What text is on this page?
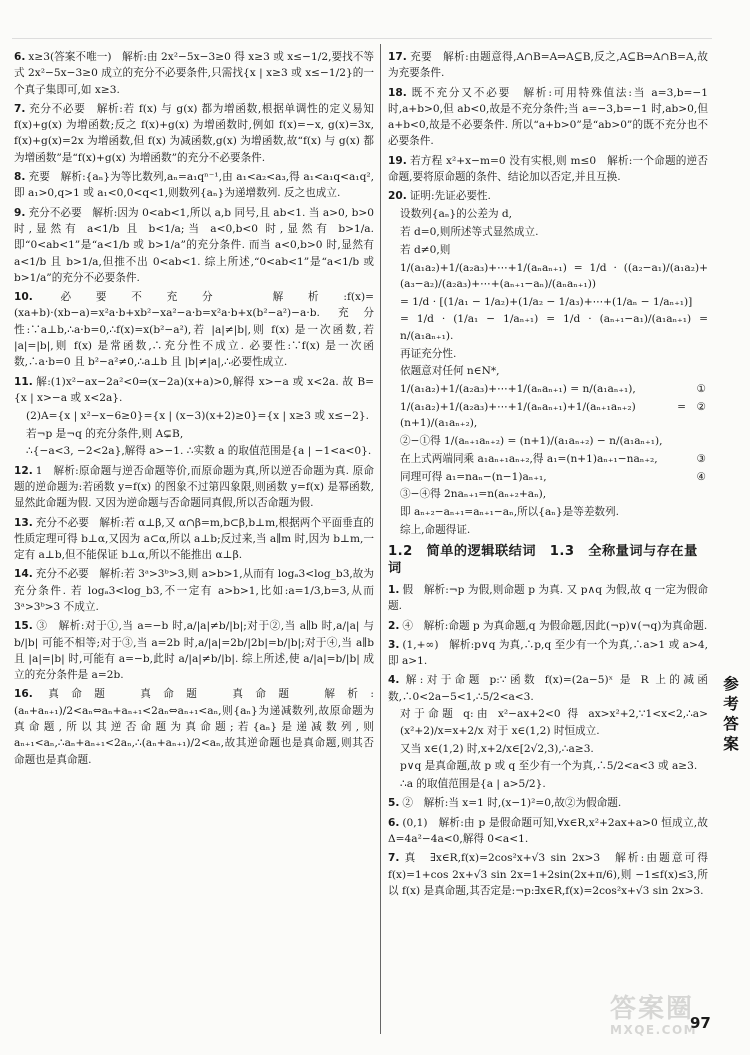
6. x≥3(答案不唯一)　解析:由 2x²−5x−3≥0 得 x≥3 或 x≤−1/2,要找不等式 2x²−5x−3≥0 成立的充分不必要条件,只需找{x | x≥3 或 x≤−1/2}的一个真子集即可,如 x≥3.
7. 充分不必要　解析:若 f(x) 与 g(x) 都为增函数,根据单调性的定义易知 f(x)+g(x) 为增函数;反之 f(x)+g(x) 为增函数时,例如 f(x)=−x, g(x)=3x, f(x)+g(x)=2x 为增函数,但 f(x) 为减函数,g(x) 为增函数,故“f(x) 与 g(x) 都为增函数”是“f(x)+g(x) 为增函数”的充分不必要条件.
8. 充要　解析:{aₙ}为等比数列,aₙ=a₁qⁿ⁻¹,由 a₁<a₂<a₃,得 a₁<a₁q<a₁q²,即 a₁>0,q>1 或 a₁<0,0<q<1,则数列{aₙ}为递增数列. 反之也成立.
9. 充分不必要　解析:因为 0<ab<1,所以 a,b 同号,且 ab<1. 当 a>0, b>0 时,显然有 a<1/b 且 b<1/a;当 a<0,b<0 时,显然有 b>1/a. 即“0<ab<1”是“a<1/b 或 b>1/a”的充分条件. 而当 a<0,b>0 时,显然有 a<1/b 且 b>1/a,但推不出 0<ab<1. 综上所述,“0<ab<1”是“a<1/b 或 b>1/a”的充分不必要条件.
10. 必要不充分　解析:f(x)=(xa+b)·(xb−a)=x²a·b+xb²−xa²−a·b=x²a·b+x(b²−a²)−a·b. 充分性:∵a⊥b,∴a·b=0,∴f(x)=x(b²−a²),若 |a|≠|b|,则 f(x) 是一次函数,若 |a|=|b|,则 f(x) 是常函数,∴充分性不成立. 必要性:∵f(x) 是一次函数,∴a·b=0 且 b²−a²≠0,∴a⊥b 且 |b|≠|a|,∴必要性成立.
11. 解:(1)x²−ax−2a²<0⇒(x−2a)(x+a)>0,解得 x>−a 或 x<2a. 故 B={x | x>−a 或 x<2a}.
(2)A={x | x²−x−6≥0}={x | (x−3)(x+2)≥0}={x | x≥3 或 x≤−2}.
若¬p 是¬q 的充分条件,则 A⊊B,
∴{−a<3, −2<2a},解得 a>−1. ∴实数 a 的取值范围是{a | −1<a<0}.
12. 1　解析:原命题与逆否命题等价,而原命题为真,所以逆否命题为真. 原命题的逆命题为:若函数 y=f(x) 的图象不过第四象限,则函数 y=f(x) 是幂函数,显然此命题为假. 又因为逆命题与否命题同真假,所以否命题为假.
13. 充分不必要　解析:若 α⊥β,又 α∩β=m,b⊂β,b⊥m,根据两个平面垂直的性质定理可得 b⊥α,又因为 a⊂α,所以 a⊥b;反过来,当 a∥m 时,因为 b⊥m,一定有 a⊥b,但不能保证 b⊥α,所以不能推出 α⊥β.
14. 充分不必要　解析:若 3ᵃ>3ᵇ>3,则 a>b>1,从而有 logₐ3<log_b3,故为充分条件. 若 logₐ3<log_b3,不一定有 a>b>1,比如:a=1/3,b=3,从而 3ᵃ>3ᵇ>3 不成立.
15. ③　解析:对于①,当 a=−b 时,a/|a|≠b/|b|;对于②,当 a∥b 时,a/|a| 与 b/|b| 可能不相等;对于③,当 a=2b 时,a/|a|=2b/|2b|=b/|b|;对于④,当 a∥b 且 |a|=|b| 时,可能有 a=−b,此时 a/|a|≠b/|b|. 综上所述,使 a/|a|=b/|b| 成立的充分条件是 a=2b.
16. 真命题　真命题　真命题　解析:(aₙ+aₙ₊₁)/2<aₙ⇔aₙ+aₙ₊₁<2aₙ⇔aₙ₊₁<aₙ,则{aₙ}为递减数列,故原命题为真命题,所以其逆否命题为真命题;若{aₙ}是递减数列,则 aₙ₊₁<aₙ,∴aₙ+aₙ₊₁<2aₙ,∴(aₙ+aₙ₊₁)/2<aₙ,故其逆命题也是真命题,则其否命题也是真命题.
17. 充要　解析:由题意得,A∩B=A⇒A⊆B,反之,A⊆B⇒A∩B=A,故为充要条件.
18. 既不充分又不必要　解析:可用特殊值法:当 a=3,b=−1 时,a+b>0,但 ab<0,故是不充分条件;当 a=−3,b=−1 时,ab>0,但 a+b<0,故是不必要条件. 所以“a+b>0”是“ab>0”的既不充分也不必要条件.
19. 若方程 x²+x−m=0 没有实根,则 m≤0　解析:一个命题的逆否命题,要将原命题的条件、结论加以否定,并且互换.
20. 证明:先证必要性.
设数列{aₙ}的公差为 d,
若 d=0,则所述等式显然成立.
若 d≠0,则
1/(a₁a₂)+1/(a₂a₃)+⋯+1/(aₙaₙ₊₁) = 1/d · ((a₂−a₁)/(a₁a₂)+(a₃−a₂)/(a₂a₃)+⋯+(aₙ₊₁−aₙ)/(aₙaₙ₊₁))
= 1/d · [(1/a₁ − 1/a₂)+(1/a₂ − 1/a₃)+⋯+(1/aₙ − 1/aₙ₊₁)]
= 1/d · (1/a₁ − 1/aₙ₊₁) = 1/d · (aₙ₊₁−a₁)/(a₁aₙ₊₁) = n/(a₁aₙ₊₁).
再证充分性.
依题意对任何 n∈N*,
1/(a₁a₂)+1/(a₂a₃)+⋯+1/(aₙaₙ₊₁) = n/(a₁aₙ₊₁),	①
1/(a₁a₂)+1/(a₂a₃)+⋯+1/(aₙaₙ₊₁)+1/(aₙ₊₁aₙ₊₂) = (n+1)/(a₁aₙ₊₂),
②
②−①得 1/(aₙ₊₁aₙ₊₂) = (n+1)/(a₁aₙ₊₂) − n/(a₁aₙ₊₁),
在上式两端同乘 a₁aₙ₊₁aₙ₊₂,得 a₁=(n+1)aₙ₊₁−naₙ₊₂,	③
同理可得 a₁=naₙ−(n−1)aₙ₊₁,	④
③−④得 2naₙ₊₁=n(aₙ₊₂+aₙ),
即 aₙ₊₂−aₙ₊₁=aₙ₊₁−aₙ,所以{aₙ}是等差数列.
综上,命题得证.
1.2　简单的逻辑联结词　1.3　全称量词与存在量词
1. 假　解析:¬p 为假,则命题 p 为真. 又 p∧q 为假,故 q 一定为假命题.
2. ④　解析:命题 p 为真命题,q 为假命题,因此(¬p)∨(¬q)为真命题.
3. (1,+∞)　解析:p∨q 为真,∴p,q 至少有一个为真,∴a>1 或 a>4,即 a>1.
4. 解:对于命题 p:∵函数 f(x)=(2a−5)ˣ 是 R 上的减函数,∴0<2a−5<1,∴5/2<a<3.
对于命题 q:由 x²−ax+2<0 得 ax>x²+2,∵1<x<2,∴a>(x²+2)/x=x+2/x 对于 x∈(1,2) 时恒成立.
又当 x∈(1,2) 时,x+2/x∈[2√2,3),∴a≥3.
p∨q 是真命题,故 p 或 q 至少有一个为真,∴5/2<a<3 或 a≥3.
∴a 的取值范围是{a | a>5/2}.
5. ②　解析:当 x=1 时,(x−1)²=0,故②为假命题.
6. (0,1)　解析:由 p 是假命题可知,∀x∈R,x²+2ax+a>0 恒成立,故 Δ=4a²−4a<0,解得 0<a<1.
7. 真　∃x∈R,f(x)=2cos²x+√3 sin 2x>3　解析:由题意可得 f(x)=1+cos 2x+√3 sin 2x=1+2sin(2x+π/6),则 −1≤f(x)≤3,所以 f(x) 是真命题,其否定是:¬p:∃x∈R,f(x)=2cos²x+√3 sin 2x>3.
参
考
答
案
97
答案圈
MXQE.COM
